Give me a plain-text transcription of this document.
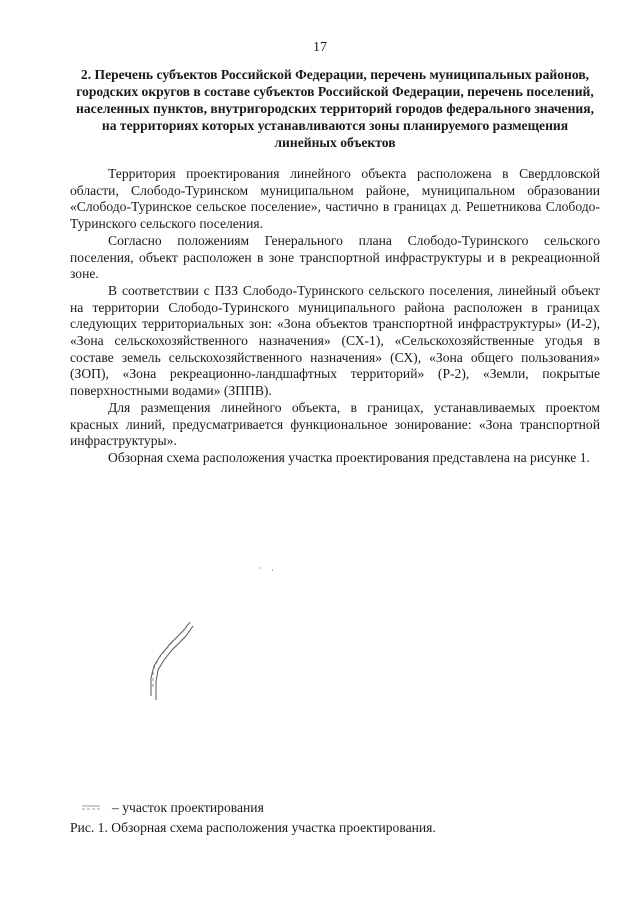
17
2. Перечень субъектов Российской Федерации, перечень муниципальных районов, городских округов в составе субъектов Российской Федерации, перечень поселений, населенных пунктов, внутригородских территорий городов федерального значения, на территориях которых устанавливаются зоны планируемого размещения линейных объектов

Территория проектирования линейного объекта расположена в Свердловской области, Слободо-Туринском муниципальном районе, муниципальном образовании «Слободо-Туринское сельское поселение», частично в границах д. Решетникова Слободо-Туринского сельского поселения.

Согласно положениям Генерального плана Слободо-Туринского сельского поселения, объект расположен в зоне транспортной инфраструктуры и в рекреационной зоне.

В соответствии с ПЗЗ Слободо-Туринского сельского поселения, линейный объект на территории Слободо-Туринского муниципального района расположен в границах следующих территориальных зон: «Зона объектов транспортной инфраструктуры» (И-2), «Зона сельскохозяйственного назначения» (СХ-1), «Сельскохозяйственные угодья в составе земель сельскохозяйственного назначения» (СХ), «Зона общего пользования» (ЗОП), «Зона рекреационно-ландшафтных территорий» (Р-2), «Земли, покрытые поверхностными водами» (ЗППВ).

Для размещения линейного объекта, в границах, устанавливаемых проектом красных линий, предусматривается функциональное зонирование: «Зона транспортной инфраструктуры».

Обзорная схема расположения участка проектирования представлена на рисунке 1.

– участок проектирования
Рис. 1. Обзорная схема расположения участка проектирования.
